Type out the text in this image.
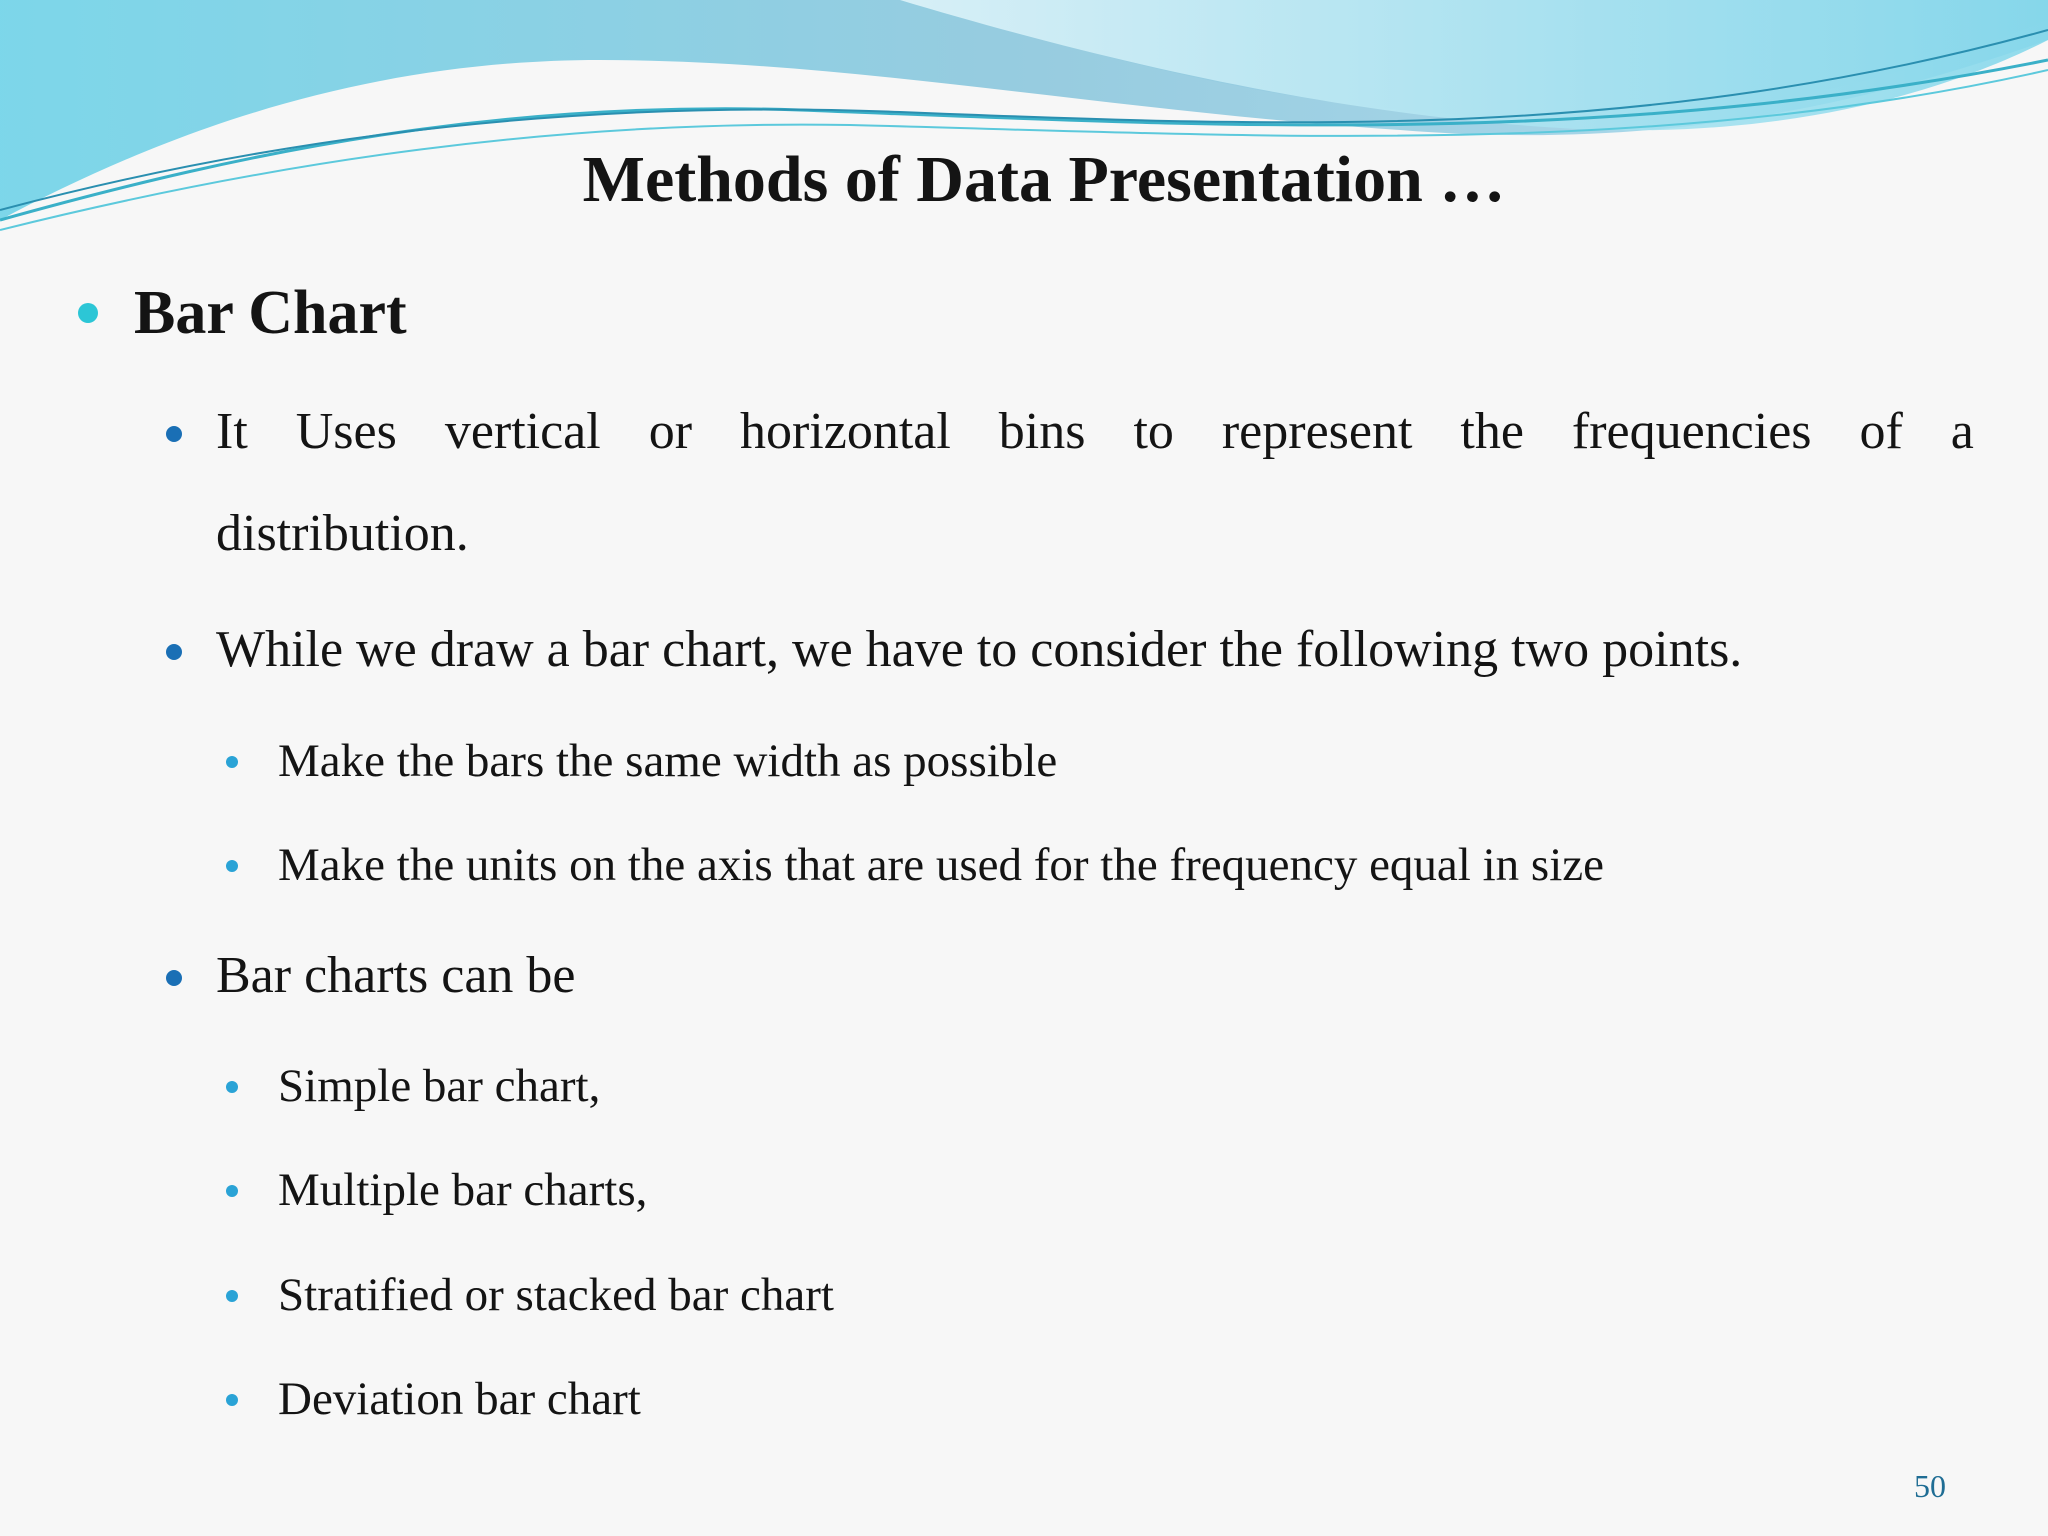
Methods of Data Presentation …
Bar Chart
It Uses vertical or horizontal bins to represent the frequencies of a
distribution.
While we draw a bar chart, we have to consider the following two points.
Make the bars the same width as possible
Make the units on the axis that are used for the frequency equal in size
Bar charts can be
Simple bar chart,
Multiple bar charts,
Stratified or stacked bar chart
Deviation bar chart
50
